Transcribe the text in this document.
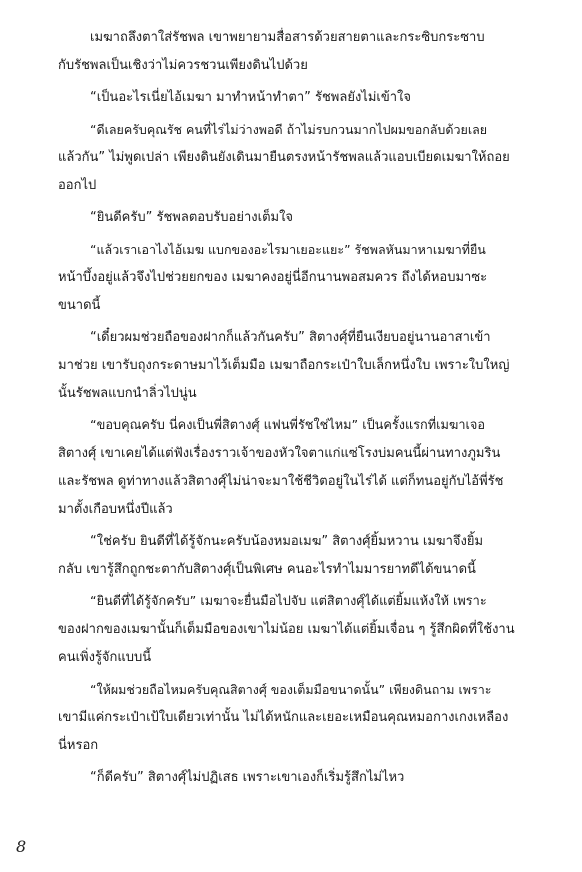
เมฆาถลึงตาใส่รัชพล เขาพยายามสื่อสารด้วยสายตาและกระซิบกระซาบ
กับรัชพลเป็นเชิงว่าไม่ควรชวนเพียงดินไปด้วย

“เป็นอะไรเนี่ยไอ้เมฆา มาทำหน้าทำตา” รัชพลยังไม่เข้าใจ

“ดีเลยครับคุณรัช คนที่ไร่ไม่ว่างพอดี ถ้าไม่รบกวนมากไปผมขอกลับด้วยเลย
แล้วกัน” ไม่พูดเปล่า เพียงดินยังเดินมายืนตรงหน้ารัชพลแล้วแอบเบียดเมฆาให้ถอย
ออกไป

“ยินดีครับ” รัชพลตอบรับอย่างเต็มใจ

“แล้วเราเอาไงไอ้เมฆ แบกของอะไรมาเยอะแยะ” รัชพลหันมาหาเมฆาที่ยืน
หน้าบึ้งอยู่แล้วจึงไปช่วยยกของ เมฆาคงอยู่นี่อีกนานพอสมควร ถึงได้หอบมาซะ
ขนาดนี้

“เดี๋ยวผมช่วยถือของฝากก็แล้วกันครับ” สิตางศุ์ที่ยืนเงียบอยู่นานอาสาเข้า
มาช่วย เขารับถุงกระดาษมาไว้เต็มมือ เมฆาถือกระเป๋าใบเล็กหนึ่งใบ เพราะใบใหญ่
นั้นรัชพลแบกนำลิ่วไปนู่น

“ขอบคุณครับ นี่คงเป็นพี่สิตางศุ์ แฟนพี่รัชใช่ไหม” เป็นครั้งแรกที่เมฆาเจอ
สิตางศุ์ เขาเคยได้แต่ฟังเรื่องราวเจ้าของหัวใจตาแก่แซ่โรงบ่มคนนี้ผ่านทางภูมริน
และรัชพล ดูท่าทางแล้วสิตางศุ์ไม่น่าจะมาใช้ชีวิตอยู่ในไร่ได้ แต่ก็ทนอยู่กับไอ้พี่รัช
มาตั้งเกือบหนึ่งปีแล้ว

“ใช่ครับ ยินดีที่ได้รู้จักนะครับน้องหมอเมฆ” สิตางศุ์ยิ้มหวาน เมฆาจึงยิ้ม
กลับ เขารู้สึกถูกชะตากับสิตางศุ์เป็นพิเศษ คนอะไรทำไมมารยาทดีได้ขนาดนี้

“ยินดีที่ได้รู้จักครับ” เมฆาจะยื่นมือไปจับ แต่สิตางศุ์ได้แต่ยิ้มแห้งให้ เพราะ
ของฝากของเมฆานั้นก็เต็มมือของเขาไม่น้อย เมฆาได้แต่ยิ้มเจื่อน ๆ รู้สึกผิดที่ใช้งาน
คนเพิ่งรู้จักแบบนี้

“ให้ผมช่วยถือไหมครับคุณสิตางศุ์ ของเต็มมือขนาดนั้น” เพียงดินถาม เพราะ
เขามีแค่กระเป๋าเป้ใบเดียวเท่านั้น ไม่ได้หนักและเยอะเหมือนคุณหมอกางเกงเหลือง
นี่หรอก

“ก็ดีครับ” สิตางศุ์ไม่ปฏิเสธ เพราะเขาเองก็เริ่มรู้สึกไม่ไหว

8
